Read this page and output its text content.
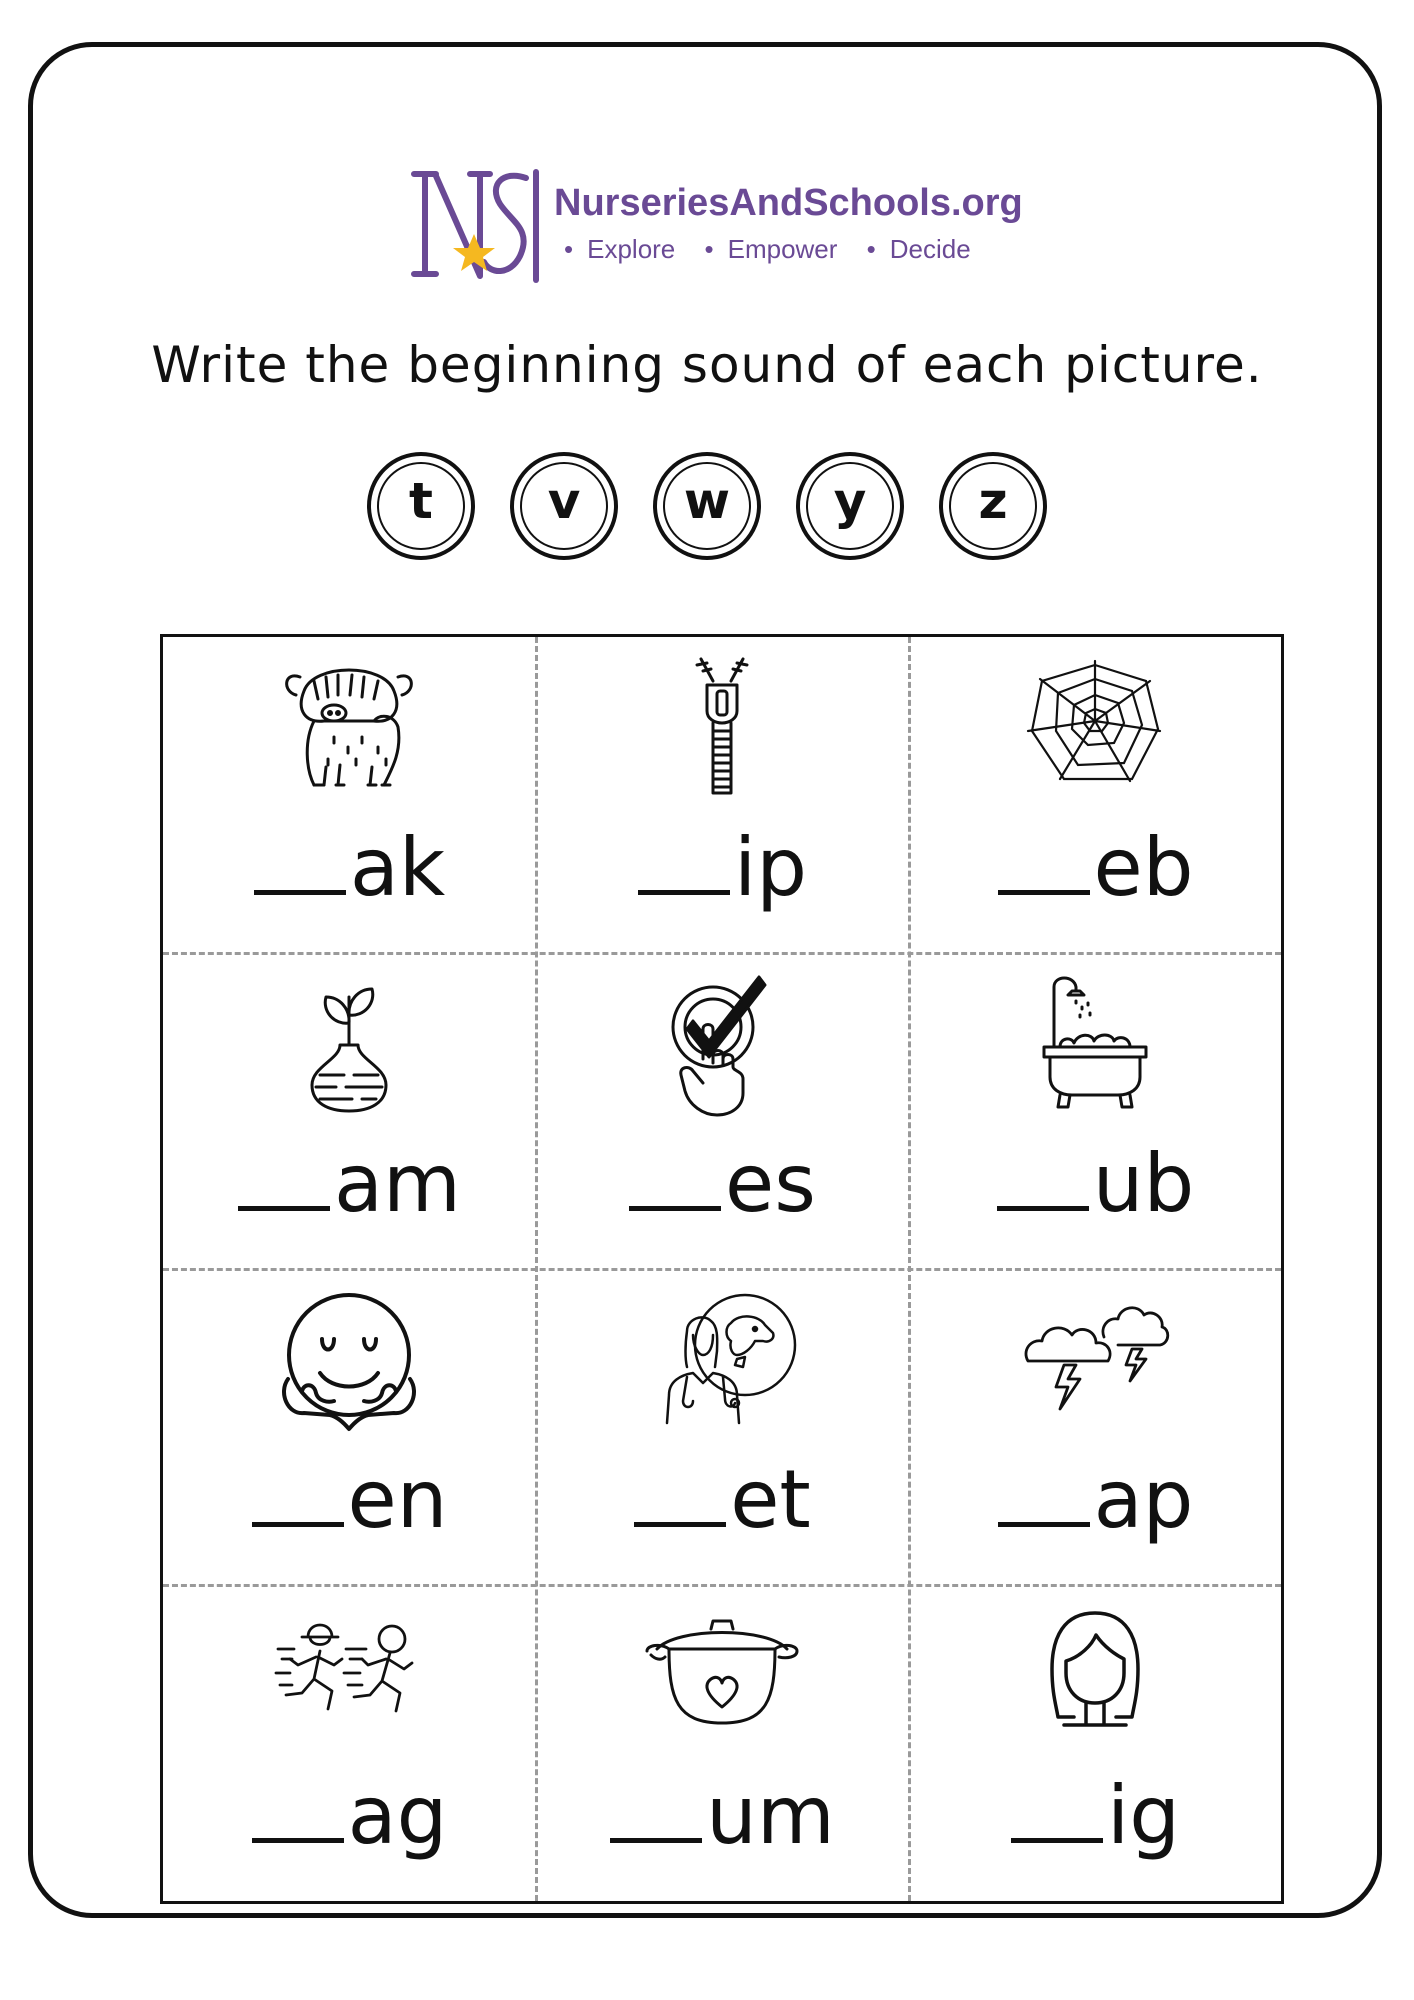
NurseriesAndSchools.org
• Explore • Empower • Decide
Write the beginning sound of each picture.
t	v	w	y	z
ak	ip	eb
am	es	ub
en	et	ap
ag	um	ig
